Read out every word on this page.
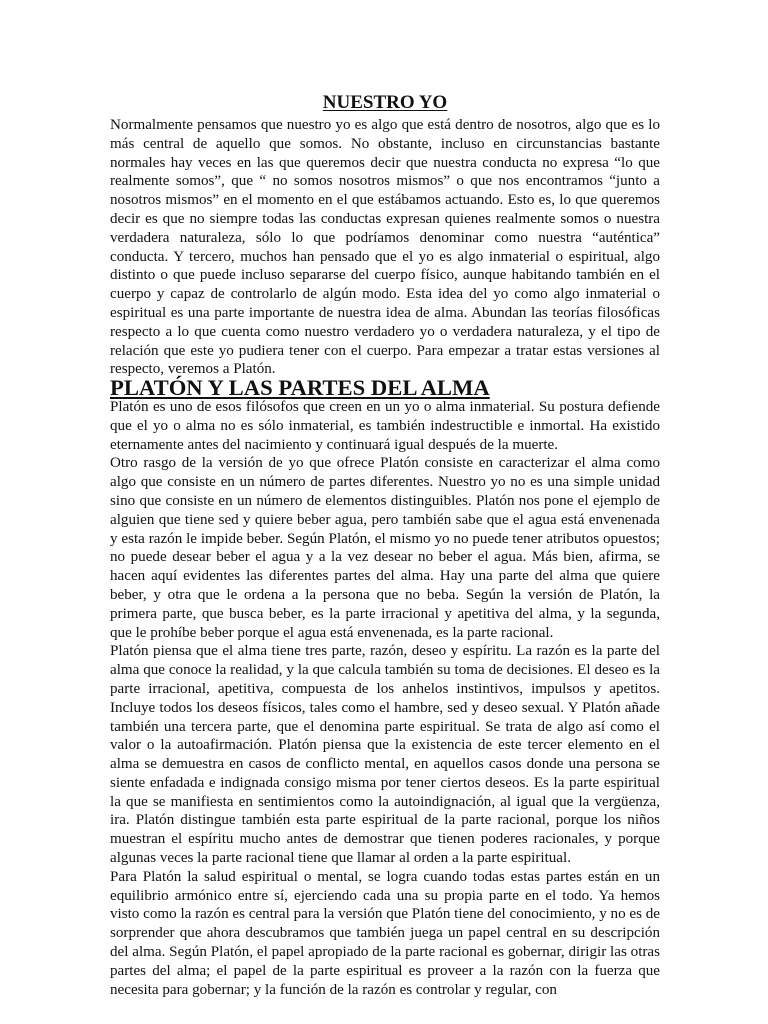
NUESTRO YO

Normalmente pensamos que nuestro yo es algo que está dentro de nosotros, algo que es lo más central de aquello que somos. No obstante, incluso en circunstancias bastante normales hay veces en las que queremos decir que nuestra conducta no expresa “lo que realmente somos”, que “ no somos nosotros mismos” o que nos encontramos “junto a nosotros mismos” en el momento en el que estábamos actuando. Esto es, lo que queremos decir es que no siempre todas las conductas expresan quienes realmente somos o nuestra verdadera naturaleza, sólo lo que podríamos denominar como nuestra “auténtica” conducta. Y tercero, muchos han pensado que el yo es algo inmaterial o espiritual, algo distinto o que puede incluso separarse del cuerpo físico, aunque habitando también en el cuerpo y capaz de controlarlo de algún modo. Esta idea del yo como algo inmaterial o espiritual es una parte importante de nuestra idea de alma. Abundan las teorías filosóficas respecto a lo que cuenta como nuestro verdadero yo o verdadera naturaleza, y el tipo de relación que este yo pudiera tener con el cuerpo. Para empezar a tratar estas versiones al respecto, veremos a Platón.

PLATÓN Y LAS PARTES DEL ALMA

Platón es uno de esos filósofos que creen en un yo o alma inmaterial. Su postura defiende que el yo o alma no es sólo inmaterial, es también indestructible e inmortal. Ha existido eternamente antes del nacimiento y continuará igual después de la muerte.

Otro rasgo de la versión de yo que ofrece Platón consiste en caracterizar el alma como algo que consiste en un número de partes diferentes. Nuestro yo no es una simple unidad sino que consiste en un número de elementos distinguibles. Platón nos pone el ejemplo de alguien que tiene sed y quiere beber agua, pero también sabe que el agua está envenenada y esta razón le impide beber. Según Platón, el mismo yo no puede tener atributos opuestos; no puede desear beber el agua y a la vez desear no beber el agua. Más bien, afirma, se hacen aquí evidentes las diferentes partes del alma. Hay una parte del alma que quiere beber, y otra que le ordena a la persona que no beba. Según la versión de Platón, la primera parte, que busca beber, es la parte irracional y apetitiva del alma, y la segunda, que le prohíbe beber porque el agua está envenenada, es la parte racional.

Platón piensa que el alma tiene tres parte, razón, deseo y espíritu. La razón es la parte del alma que conoce la realidad, y la que calcula también su toma de decisiones. El deseo es la parte irracional, apetitiva, compuesta de los anhelos instintivos, impulsos y apetitos. Incluye todos los deseos físicos, tales como el hambre, sed y deseo sexual. Y Platón añade también una tercera parte, que el denomina parte espiritual. Se trata de algo así como el valor o la autoafirmación. Platón piensa que la existencia de este tercer elemento en el alma se demuestra en casos de conflicto mental, en aquellos casos donde una persona se siente enfadada e indignada consigo misma por tener ciertos deseos. Es la parte espiritual la que se manifiesta en sentimientos como la autoindignación, al igual que la vergüenza, ira. Platón distingue también esta parte espiritual de la parte racional, porque los niños muestran el espíritu mucho antes de demostrar que tienen poderes racionales, y porque algunas veces la parte racional tiene que llamar al orden a la parte espiritual.

Para Platón la salud espiritual o mental, se logra cuando todas estas partes están en un equilibrio armónico entre sí, ejerciendo cada una su propia parte en el todo. Ya hemos visto como la razón es central para la versión que Platón tiene del conocimiento, y no es de sorprender que ahora descubramos que también juega un papel central en su descripción del alma. Según Platón, el papel apropiado de la parte racional es gobernar, dirigir las otras partes del alma; el papel de la parte espiritual es proveer a la razón con la fuerza que necesita para gobernar; y la función de la razón es controlar y regular, con
